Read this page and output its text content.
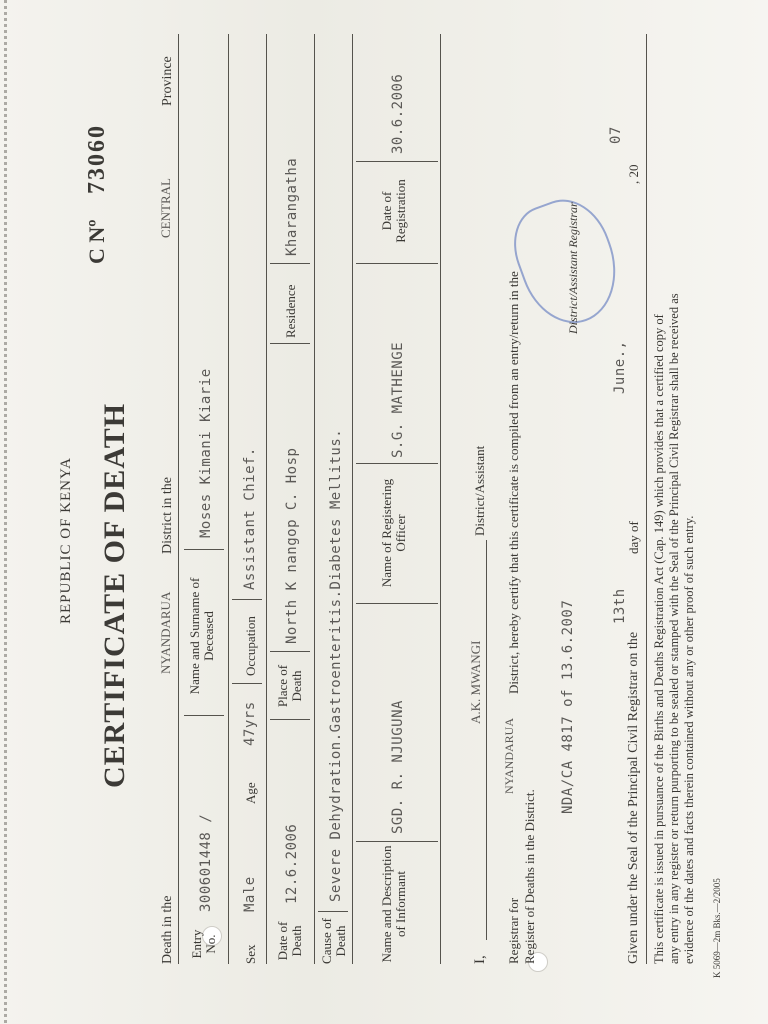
REPUBLIC OF KENYA CERTIFICATE OF DEATH
C Nº
73060
Death in the
NYANDARUA
District in the
CENTRAL
Province
Entry No.
300601448 /
Name and Surname of Deceased
Moses Kimani Kiarie
Sex
Male
Age
47yrs
Occupation
Assistant Chief.
Date of Death
12.6.2006
Place of Death
North K nangop C. Hosp
Residence
Kharangatha
Cause of Death
Severe Dehydration.Gastroenteritis.Diabetes Mellitus.
Name and Description of Informant
SGD. R. NJUGUNA
Name of Registering Officer
S.G. MATHENGE
Date of Registration
30.6.2006
I,
A.K. MWANGI
District/Assistant
Registrar for
NYANDARUA
District, hereby certify that this certificate is compiled from an entry/return in the
Register of Deaths in the District.
NDA/CA 4817 of 13.6.2007
District/Assistant Registrar
Given under the Seal of the Principal Civil Registrar on the
13th
day of
June.,
, 20
07
This certificate is issued in pursuance of the Births and Deaths Registration Act (Cap. 149) which provides that a certified copy of any entry in any register or return purporting to be sealed or stamped with the Seal of the Principal Civil Registrar shall be received as evidence of the dates and facts therein contained without any or other proof of such entry. K 5069—2m Bks.—2/2005
